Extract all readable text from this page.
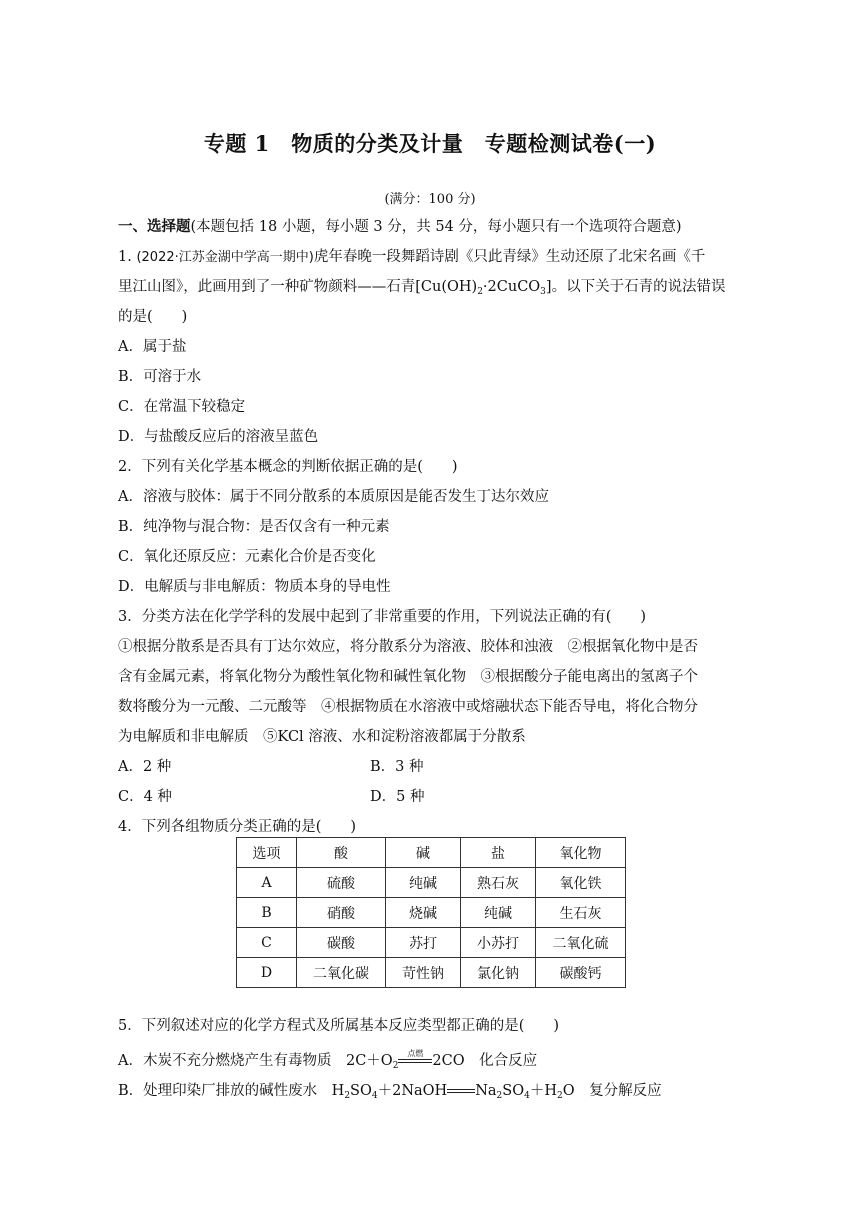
专题 1　物质的分类及计量　专题检测试卷(一)
(满分：100 分)
一、选择题(本题包括 18 小题，每小题 3 分，共 54 分，每小题只有一个选项符合题意)
1. (2022·江苏金湖中学高一期中)虎年春晚一段舞蹈诗剧《只此青绿》生动还原了北宋名画《千
里江山图》，此画用到了一种矿物颜料——石青$[Cu(OH)_2\cdot 2CuCO_3]$。以下关于石青的说法错误
的是(　　)
A．属于盐
B．可溶于水
C．在常温下较稳定
D．与盐酸反应后的溶液呈蓝色
2．下列有关化学基本概念的判断依据正确的是(　　)
A．溶液与胶体：属于不同分散系的本质原因是能否发生丁达尔效应
B．纯净物与混合物：是否仅含有一种元素
C．氧化还原反应：元素化合价是否变化
D．电解质与非电解质：物质本身的导电性
3．分类方法在化学学科的发展中起到了非常重要的作用，下列说法正确的有(　　)
①根据分散系是否具有丁达尔效应，将分散系分为溶液、胶体和浊液　②根据氧化物中是否
含有金属元素，将氧化物分为酸性氧化物和碱性氧化物　③根据酸分子能电离出的氢离子个
数将酸分为一元酸、二元酸等　④根据物质在水溶液中或熔融状态下能否导电，将化合物分
为电解质和非电解质　⑤KCl 溶液、水和淀粉溶液都属于分散系
A．2 种	B．3 种
C．4 种	D．5 种
4．下列各组物质分类正确的是(　　)
选项	酸	碱	盐	氧化物
A	硫酸	纯碱	熟石灰	氧化铁
B	硝酸	烧碱	纯碱	生石灰
C	碳酸	苏打	小苏打	二氧化硫
D	二氧化碳	苛性钠	氯化钠	碳酸钙
5．下列叙述对应的化学方程式及所属基本反应类型都正确的是(　　)
A．木炭不充分燃烧产生有毒物质　$2C+O_2$
点燃 2CO　化合反应
B．处理印染厂排放的碱性废水　$H_2SO_4+2NaOH$ $Na_2SO_4+H_2O$　复分解反应
